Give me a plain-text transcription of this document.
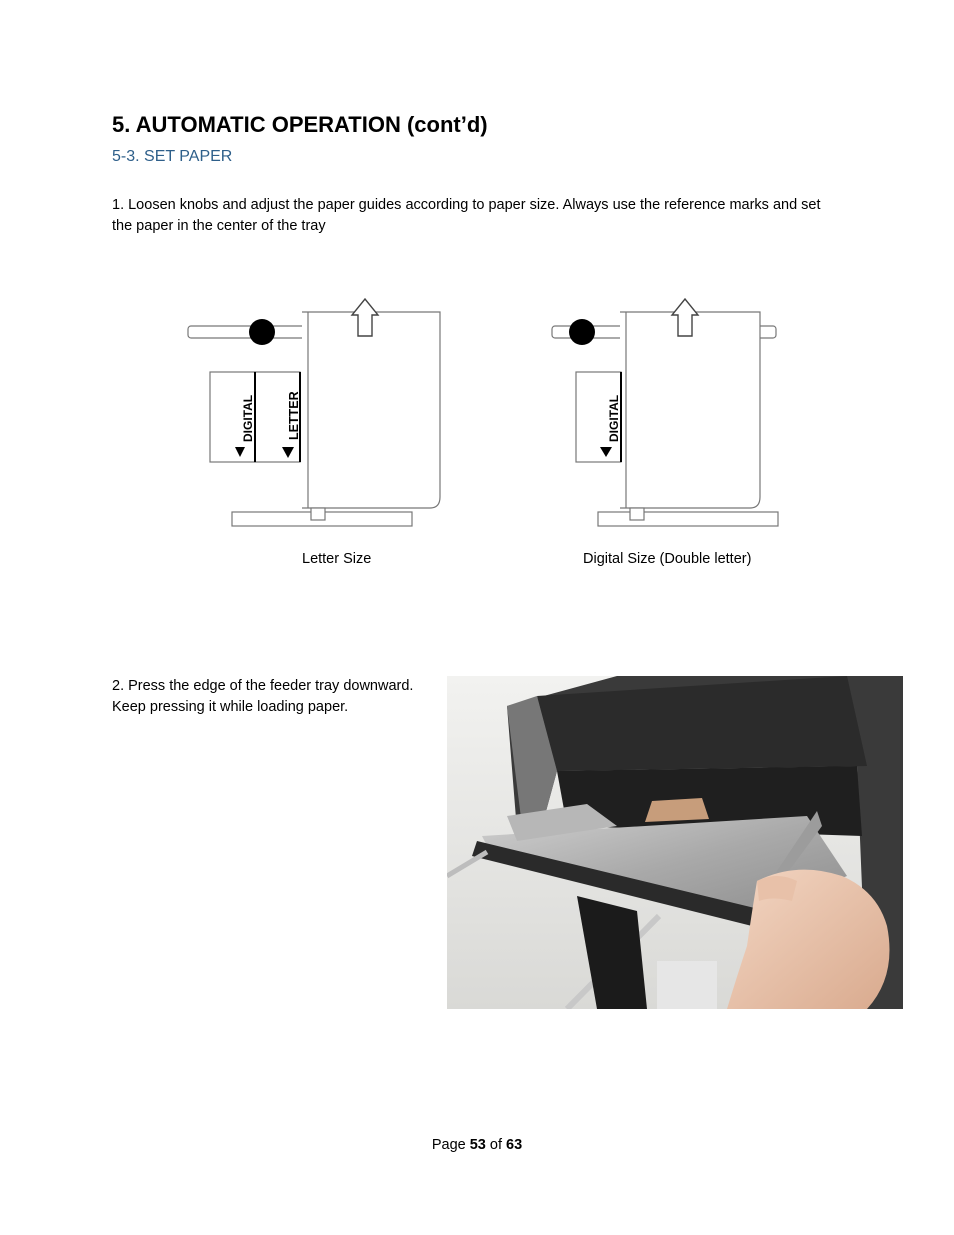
5. AUTOMATIC OPERATION (cont’d)
5-3. SET PAPER
1. Loosen knobs and adjust the paper guides according to paper size. Always use the reference marks and set the paper in the center of the tray
DIGITAL	LETTER	DIGITAL
Letter Size	Digital Size (Double letter)
2. Press the edge of the feeder tray downward. Keep pressing it while loading paper.
Page 53 of 63
